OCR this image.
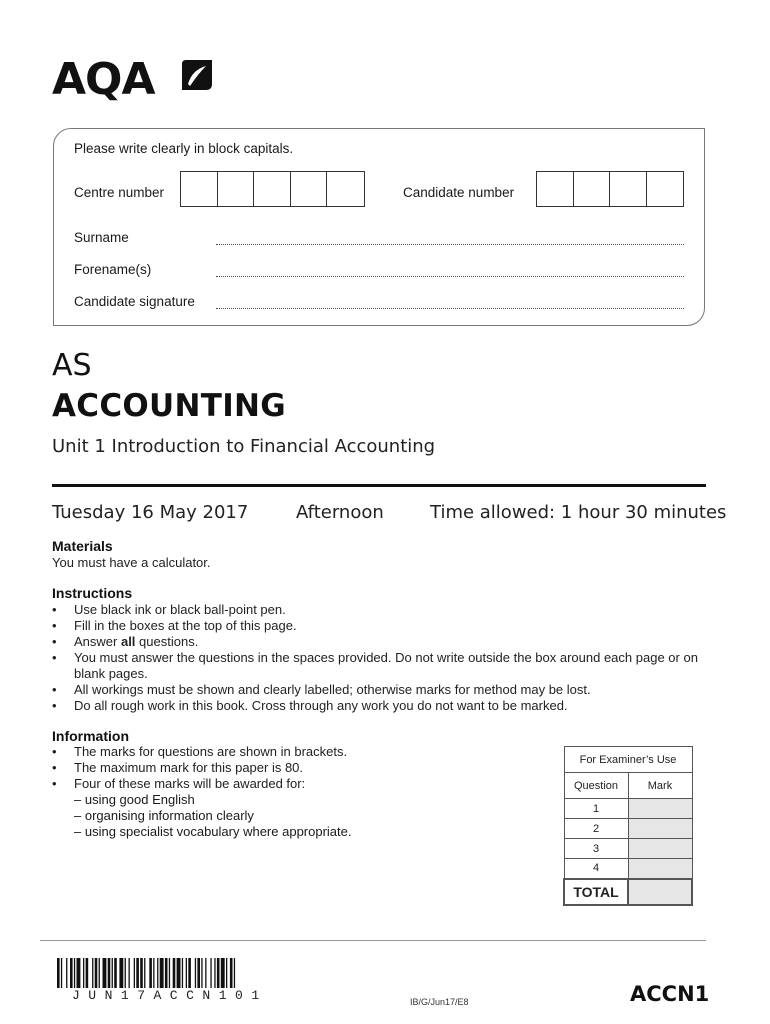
AQA
Please write clearly in block capitals.
Centre number	Candidate number
Surname
Forename(s)
Candidate signature
AS
ACCOUNTING
Unit 1 Introduction to Financial Accounting
Tuesday 16 May 2017	Afternoon	Time allowed: 1 hour 30 minutes
Materials
You must have a calculator.
Instructions
• Use black ink or black ball-point pen.
• Fill in the boxes at the top of this page.
• Answer all questions.
• You must answer the questions in the spaces provided. Do not write outside the box around each page or on blank pages.
• All workings must be shown and clearly labelled; otherwise marks for method may be lost.
• Do all rough work in this book. Cross through any work you do not want to be marked.
Information
• The marks for questions are shown in brackets.
• The maximum mark for this paper is 80.
• Four of these marks will be awarded for:
– using good English
– organising information clearly
– using specialist vocabulary where appropriate.
For Examiner’s Use	
Question	Mark
1	
2	
3	
4	
TOTAL	
JUN17ACCN101	IB/G/Jun17/E8	ACCN1
